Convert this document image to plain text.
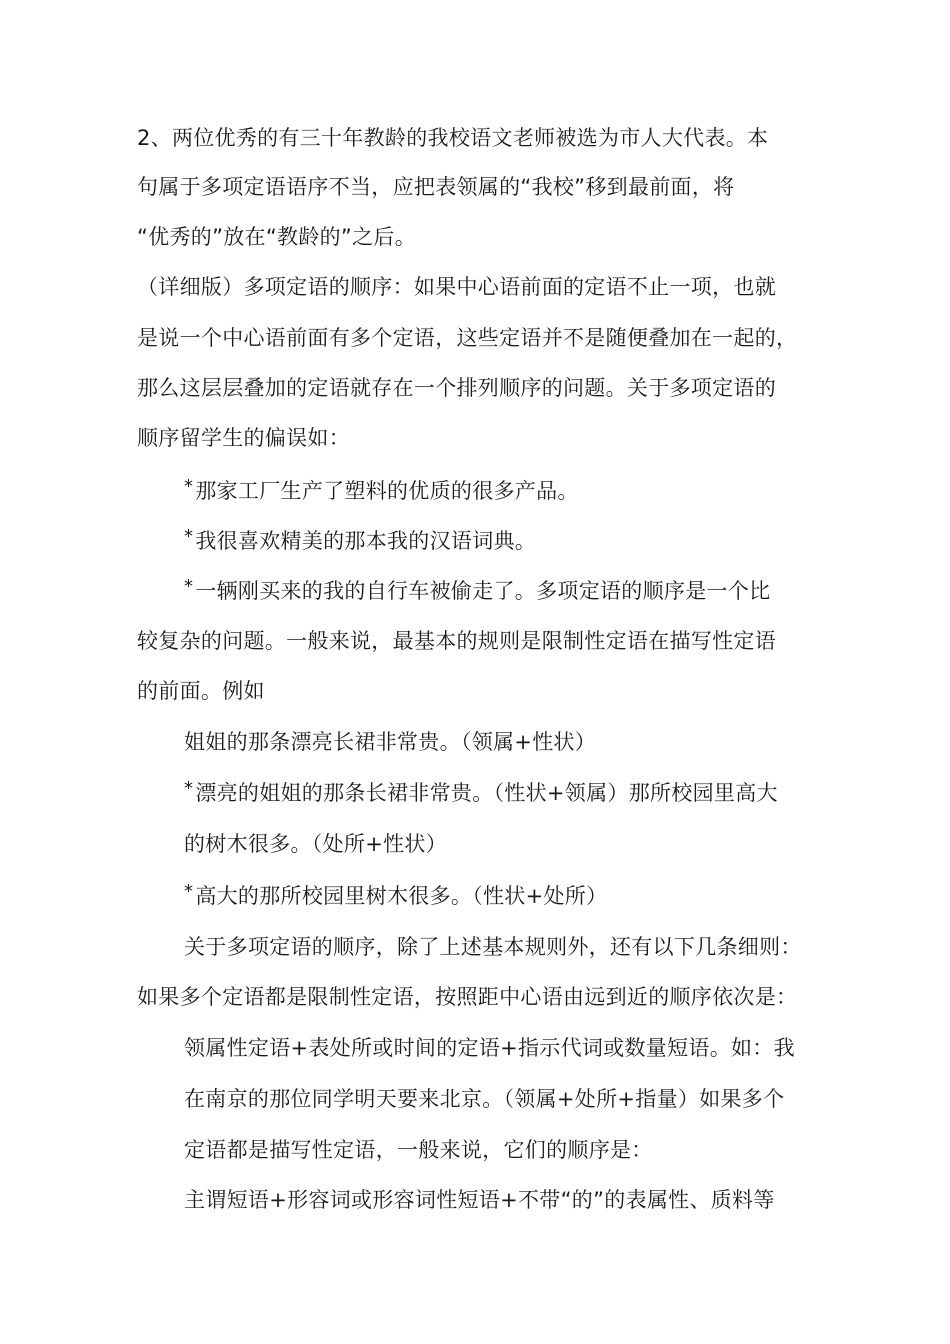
2、两位优秀的有三十年教龄的我校语文老师被选为市人大代表。本
句属于多项定语语序不当，应把表领属的“我校”移到最前面，将
“优秀的”放在“教龄的”之后。
（详细版）多项定语的顺序：如果中心语前面的定语不止一项，也就
是说一个中心语前面有多个定语，这些定语并不是随便叠加在一起的，
那么这层层叠加的定语就存在一个排列顺序的问题。关于多项定语的
顺序留学生的偏误如：
*那家工厂生产了塑料的优质的很多产品。
*我很喜欢精美的那本我的汉语词典。
*一辆刚买来的我的自行车被偷走了。多项定语的顺序是一个比
较复杂的问题。一般来说，最基本的规则是限制性定语在描写性定语
的前面。例如
姐姐的那条漂亮长裙非常贵。（领属+性状）
*漂亮的姐姐的那条长裙非常贵。（性状+领属）那所校园里高大
的树木很多。（处所+性状）
*高大的那所校园里树木很多。（性状+处所）
关于多项定语的顺序，除了上述基本规则外，还有以下几条细则：
如果多个定语都是限制性定语，按照距中心语由远到近的顺序依次是：
领属性定语+表处所或时间的定语+指示代词或数量短语。如：我
在南京的那位同学明天要来北京。（领属+处所+指量）如果多个
定语都是描写性定语，一般来说，它们的顺序是：
主谓短语+形容词或形容词性短语+不带“的”的表属性、质料等
